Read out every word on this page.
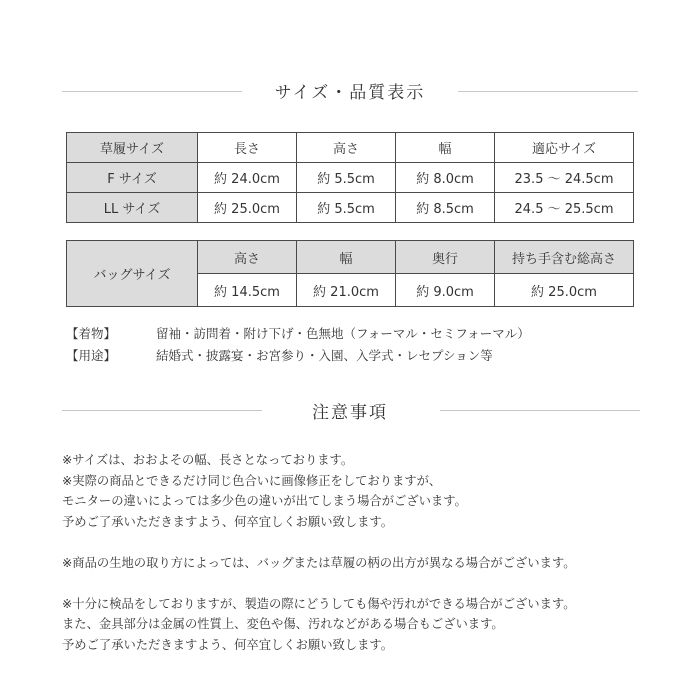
サイズ・品質表示
草履サイズ	長さ	高さ	幅	適応サイズ
F サイズ	約 24.0cm	約 5.5cm	約 8.0cm	23.5 ～ 24.5cm
LL サイズ	約 25.0cm	約 5.5cm	約 8.5cm	24.5 ～ 25.5cm
バッグサイズ	高さ	幅	奥行	持ち手含む総高さ
	約 14.5cm	約 21.0cm	約 9.0cm	約 25.0cm
【着物】	留袖・訪問着・附け下げ・色無地（フォーマル・セミフォーマル）
【用途】	結婚式・披露宴・お宮参り・入園、入学式・レセプション等
注意事項

※サイズは、おおよその幅、長さとなっております。

※実際の商品とできるだけ同じ色合いに画像修正をしておりますが、

モニターの違いによっては多少色の違いが出てしまう場合がございます。

予めご了承いただきますよう、何卒宜しくお願い致します。

※商品の生地の取り方によっては、バッグまたは草履の柄の出方が異なる場合がございます。

※十分に検品をしておりますが、製造の際にどうしても傷や汚れができる場合がございます。

また、金具部分は金属の性質上、変色や傷、汚れなどがある場合もございます。

予めご了承いただきますよう、何卒宜しくお願い致します。
